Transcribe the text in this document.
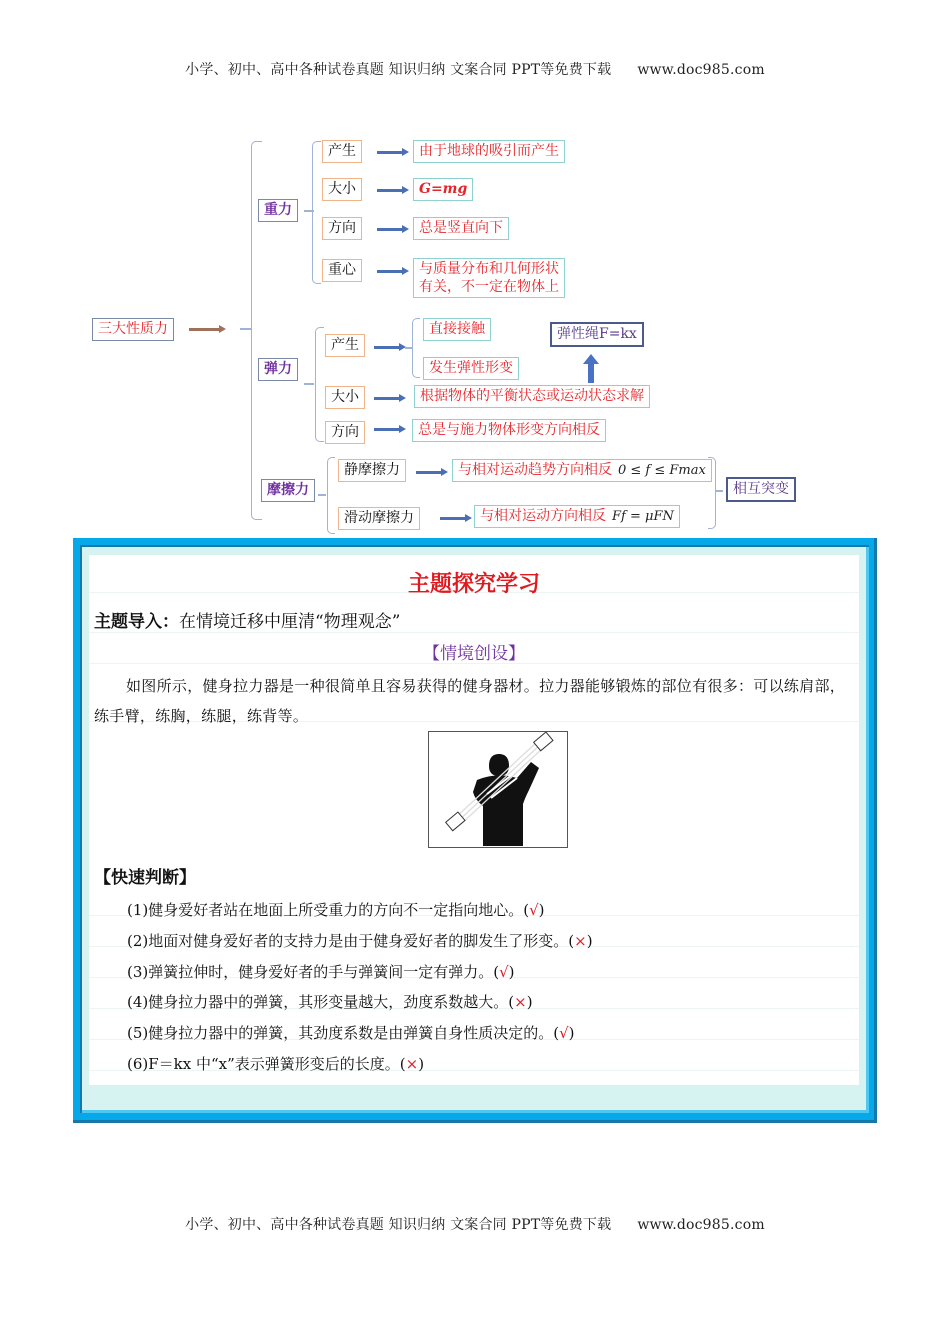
小学、初中、高中各种试卷真题 知识归纳 文案合同 PPT等免费下载 www.doc985.com
三大性质力
重力
产生	由于地球的吸引而产生
大小	G=mg
方向	总是竖直向下
重心	与质量分布和几何形状
有关，不一定在物体上
弹力
产生
直接接触
发生弹性形变
弹性绳F=kx
大小	根据物体的平衡状态或运动状态求解
方向	总是与施力物体形变方向相反
摩擦力
静摩擦力	与相对运动趋势方向相反 0 ≤ f ≤ Fmax
滑动摩擦力	与相对运动方向相反 Ff = μFN
相互突变
主题探究学习
主题导入：在情境迁移中厘清“物理观念”
【情境创设】
如图所示，健身拉力器是一种很简单且容易获得的健身器材。拉力器能够锻炼的部位有很多：可以练肩部，练手臂，练胸，练腿，练背等。
【快速判断】
(1)健身爱好者站在地面上所受重力的方向不一定指向地心。(√)
(2)地面对健身爱好者的支持力是由于健身爱好者的脚发生了形变。(×)
(3)弹簧拉伸时，健身爱好者的手与弹簧间一定有弹力。(√)
(4)健身拉力器中的弹簧，其形变量越大，劲度系数越大。(×)
(5)健身拉力器中的弹簧，其劲度系数是由弹簧自身性质决定的。(√)
(6)F＝kx 中“x”表示弹簧形变后的长度。(×)
小学、初中、高中各种试卷真题 知识归纳 文案合同 PPT等免费下载 www.doc985.com
